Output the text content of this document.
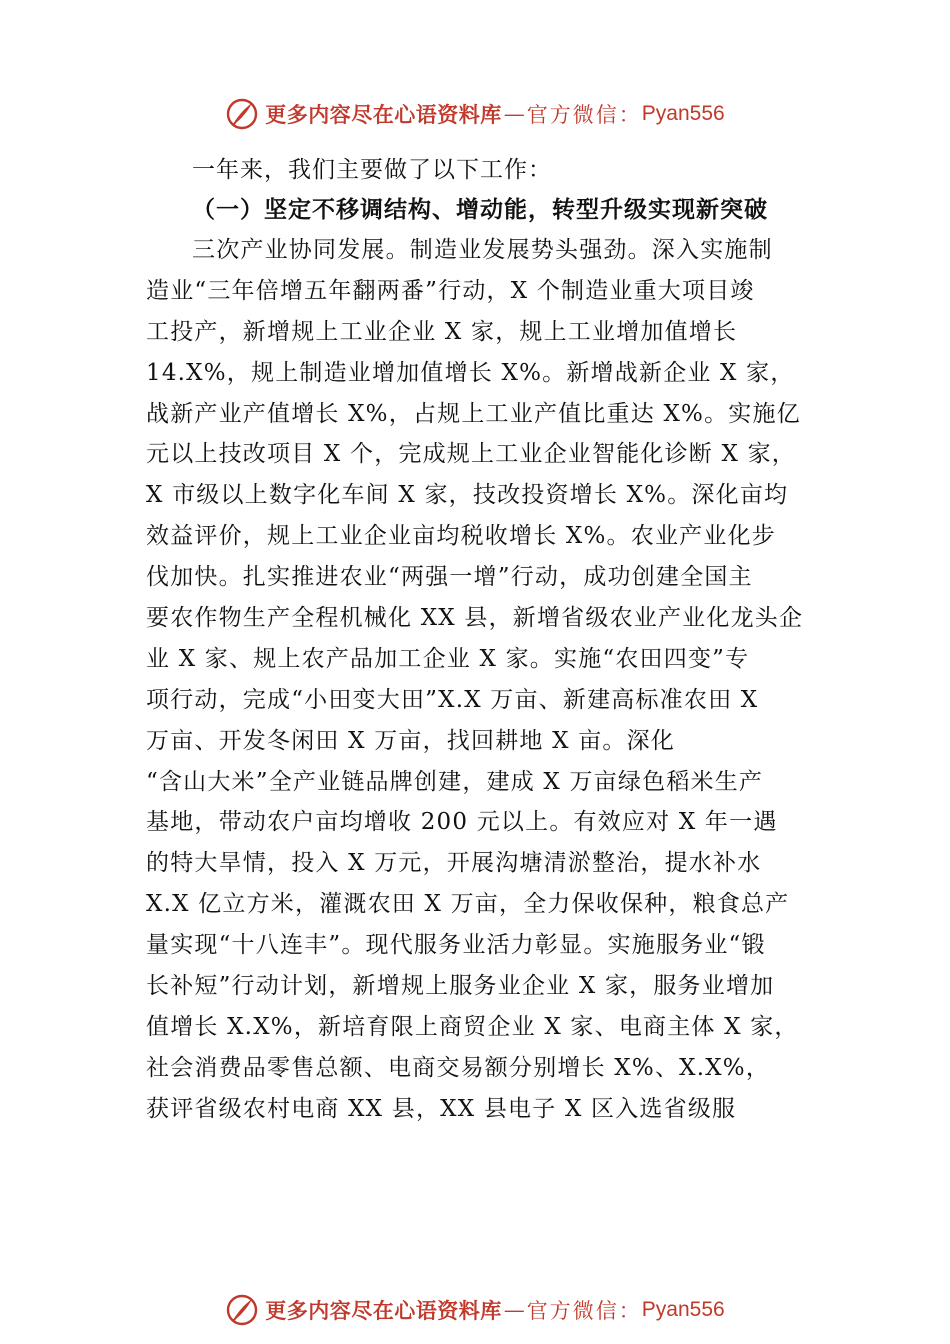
更多内容尽在心语资料库 — 官方微信： Pyan556
一年来，我们主要做了以下工作：
（一）坚定不移调结构、增动能，转型升级实现新突破
三次产业协同发展。制造业发展势头强劲。深入实施制
造业“三年倍增五年翻两番”行动，X 个制造业重大项目竣
工投产，新增规上工业企业 X 家，规上工业增加值增长
14.X%，规上制造业增加值增长 X%。新增战新企业 X 家，
战新产业产值增长 X%，占规上工业产值比重达 X%。实施亿
元以上技改项目 X 个，完成规上工业企业智能化诊断 X 家，
X 市级以上数字化车间 X 家，技改投资增长 X%。深化亩均
效益评价，规上工业企业亩均税收增长 X%。农业产业化步
伐加快。扎实推进农业“两强一增”行动，成功创建全国主
要农作物生产全程机械化 XX 县，新增省级农业产业化龙头企
业 X 家、规上农产品加工企业 X 家。实施“农田四变”专
项行动，完成“小田变大田”X.X 万亩、新建高标准农田 X
万亩、开发冬闲田 X 万亩，找回耕地 X 亩。深化
“含山大米”全产业链品牌创建，建成 X 万亩绿色稻米生产
基地，带动农户亩均增收 200 元以上。有效应对 X 年一遇
的特大旱情，投入 X 万元，开展沟塘清淤整治，提水补水
X.X 亿立方米，灌溉农田 X 万亩，全力保收保种，粮食总产
量实现“十八连丰”。现代服务业活力彰显。实施服务业“锻
长补短”行动计划，新增规上服务业企业 X 家，服务业增加
值增长 X.X%，新培育限上商贸企业 X 家、电商主体 X 家，
社会消费品零售总额、电商交易额分别增长 X%、X.X%，
获评省级农村电商 XX 县，XX 县电子 X 区入选省级服
更多内容尽在心语资料库 — 官方微信： Pyan556
